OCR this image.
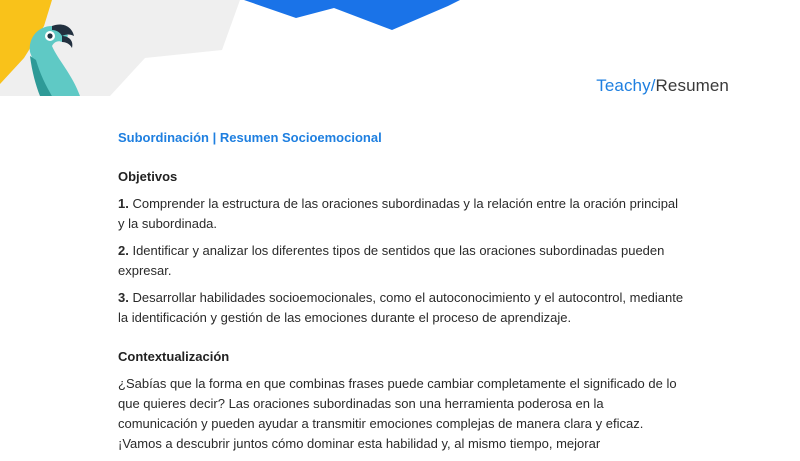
Teachy/Resumen
Subordinación | Resumen Socioemocional
Objetivos
1. Comprender la estructura de las oraciones subordinadas y la relación entre la oración principal y la subordinada.
2. Identificar y analizar los diferentes tipos de sentidos que las oraciones subordinadas pueden expresar.
3. Desarrollar habilidades socioemocionales, como el autoconocimiento y el autocontrol, mediante la identificación y gestión de las emociones durante el proceso de aprendizaje.
Contextualización
¿Sabías que la forma en que combinas frases puede cambiar completamente el significado de lo que quieres decir? Las oraciones subordinadas son una herramienta poderosa en la comunicación y pueden ayudar a transmitir emociones complejas de manera clara y eficaz. ¡Vamos a descubrir juntos cómo dominar esta habilidad y, al mismo tiempo, mejorar
